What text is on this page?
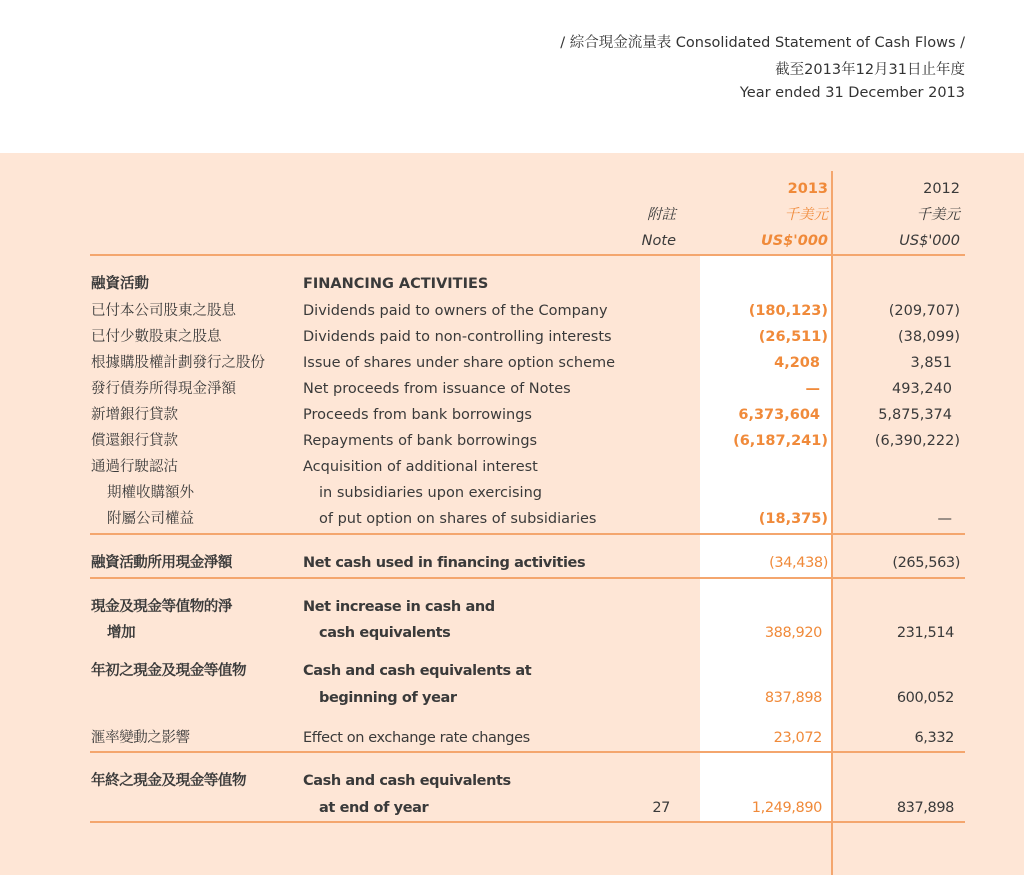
/ 綜合現金流量表 Consolidated Statement of Cash Flows /
截至2013年12月31日止年度
Year ended 31 December 2013
2013	2012
附註	千美元	千美元
Note	US$'000	US$'000
融資活動	FINANCING ACTIVITIES
已付本公司股東之股息	Dividends paid to owners of the Company	(180,123)	(209,707)
已付少數股東之股息	Dividends paid to non-controlling interests	(26,511)	(38,099)
根據購股權計劃發行之股份	Issue of shares under share option scheme	4,208	3,851
發行債券所得現金淨額	Net proceeds from issuance of Notes	—	493,240
新增銀行貸款	Proceeds from bank borrowings	6,373,604	5,875,374
償還銀行貸款	Repayments of bank borrowings	(6,187,241)	(6,390,222)
通過行駛認沽
期權收購額外
附屬公司權益
Acquisition of additional interest
in subsidiaries upon exercising
of put option on shares of subsidiaries	(18,375)	—
融資活動所用現金淨額	Net cash used in financing activities	(34,438)	(265,563)
現金及現金等值物的淨
增加
Net increase in cash and
cash equivalents	388,920	231,514
年初之現金及現金等值物	Cash and cash equivalents at
beginning of year	837,898	600,052
滙率變動之影響	Effect on exchange rate changes	23,072	6,332
年終之現金及現金等值物	Cash and cash equivalents
at end of year	27	1,249,890	837,898
